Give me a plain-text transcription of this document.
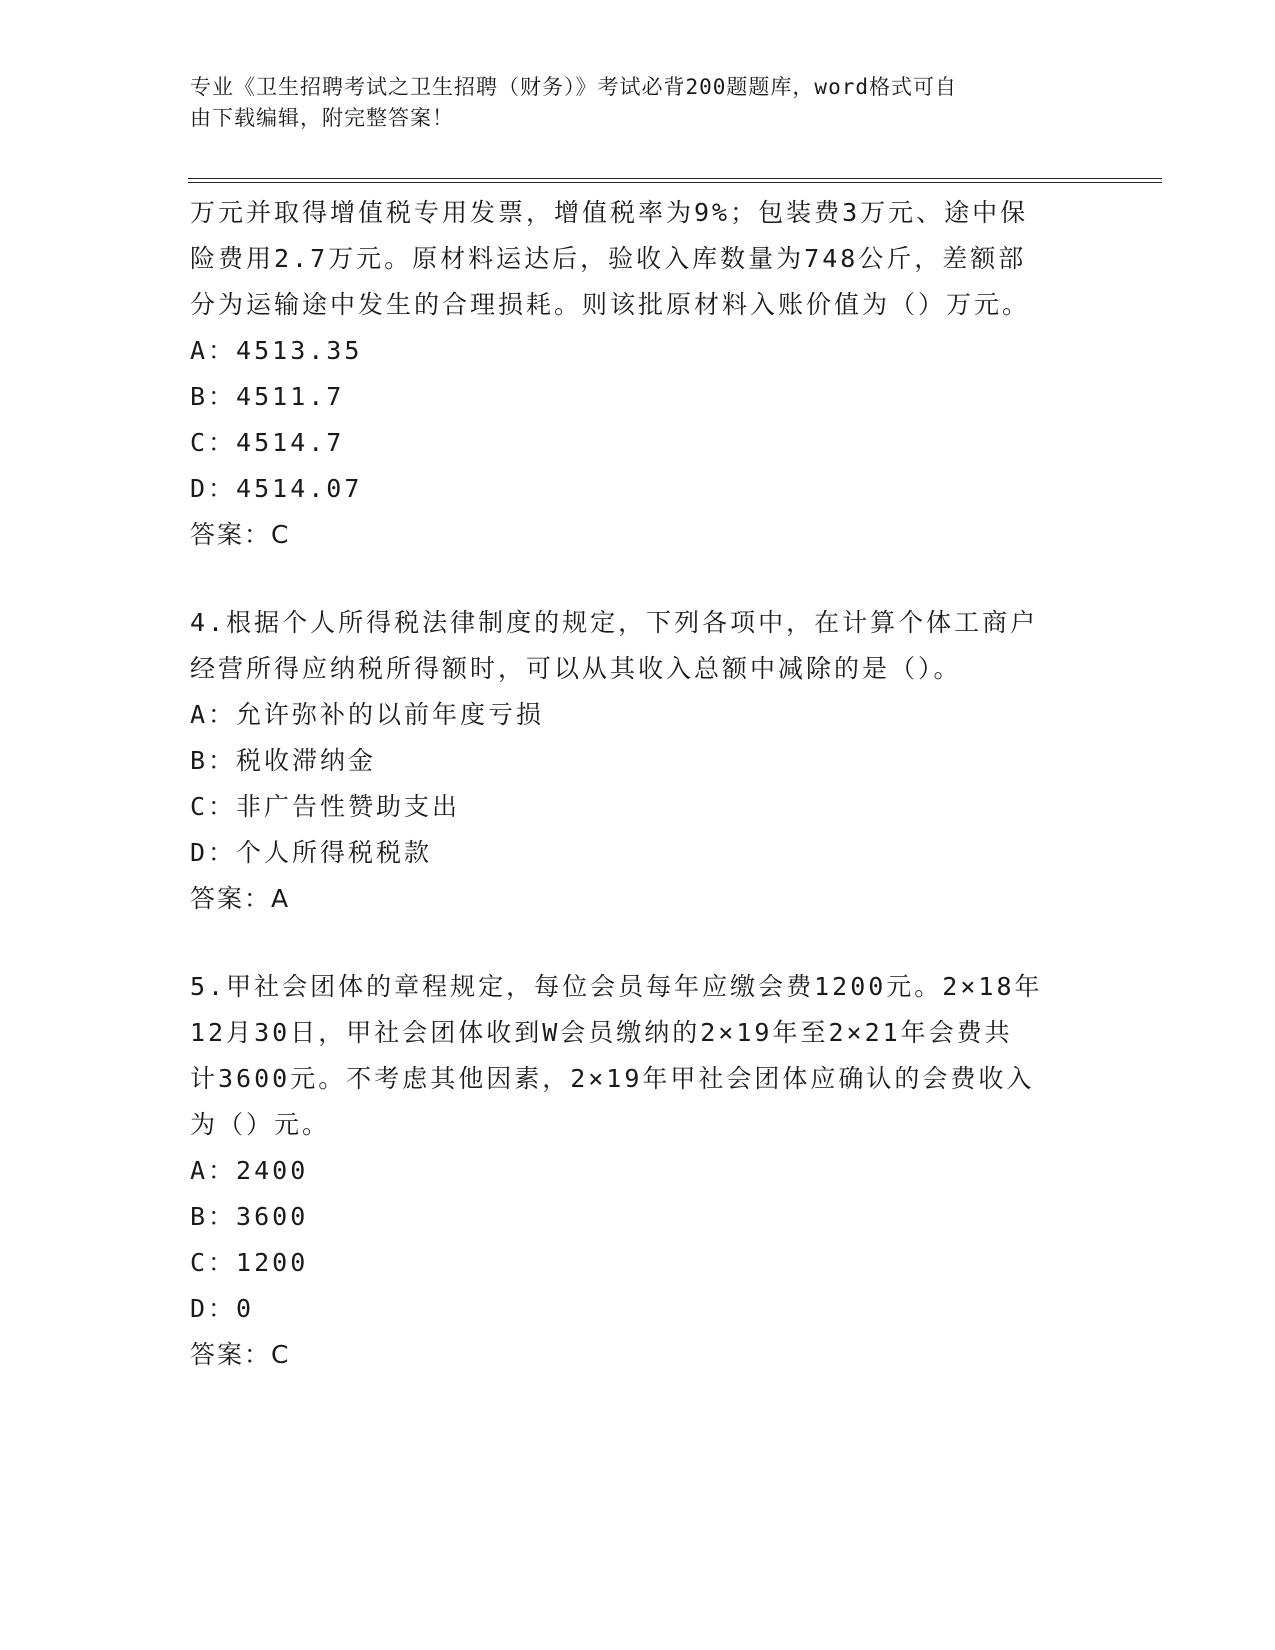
专业《卫生招聘考试之卫生招聘（财务）》考试必背200题题库，word格式可自
由下载编辑，附完整答案！
万元并取得增值税专用发票，增值税率为9%；包装费3万元、途中保
险费用2.7万元。原材料运达后，验收入库数量为748公斤，差额部
分为运输途中发生的合理损耗。则该批原材料入账价值为（）万元。
A：4513.35
B：4511.7
C：4514.7
D：4514.07
答案：C
4.根据个人所得税法律制度的规定，下列各项中，在计算个体工商户
经营所得应纳税所得额时，可以从其收入总额中减除的是（）。
A：允许弥补的以前年度亏损
B：税收滞纳金
C：非广告性赞助支出
D：个人所得税税款
答案：A
5.甲社会团体的章程规定，每位会员每年应缴会费1200元。2×18年
12月30日，甲社会团体收到W会员缴纳的2×19年至2×21年会费共
计3600元。不考虑其他因素，2×19年甲社会团体应确认的会费收入
为（）元。
A：2400
B：3600
C：1200
D：0
答案：C
